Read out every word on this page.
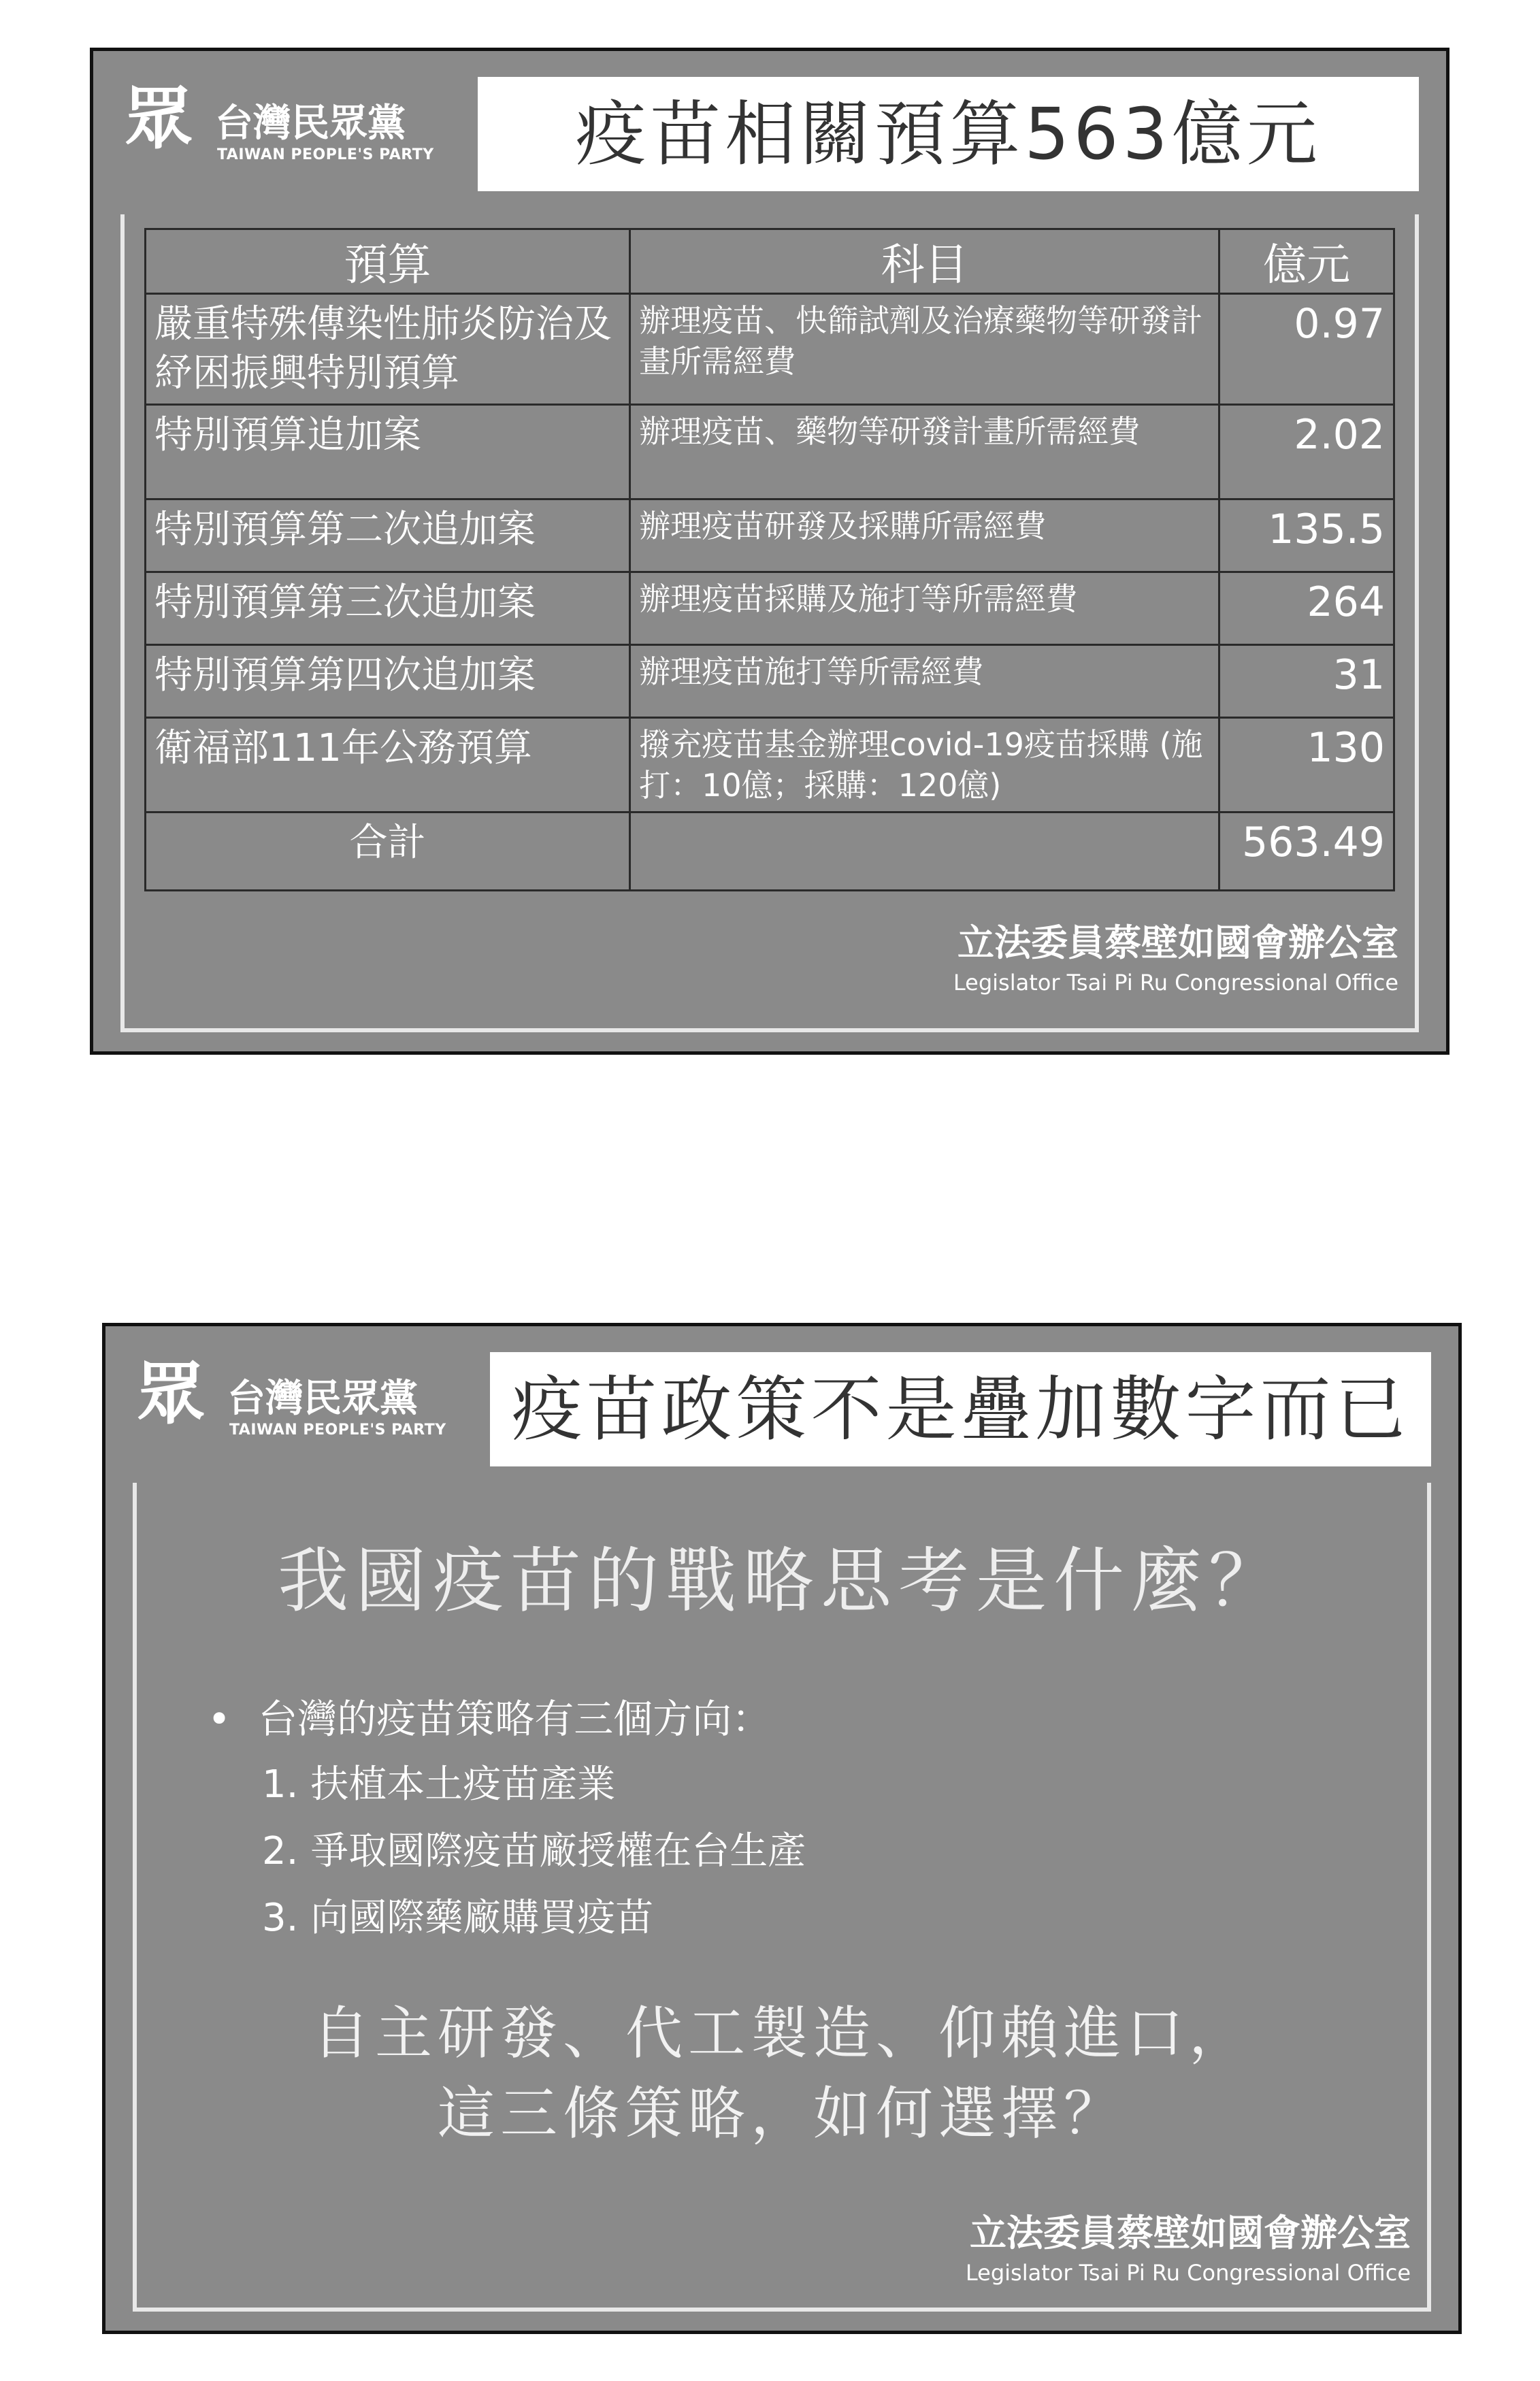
眾 台灣民眾黨
TAIWAN PEOPLE'S PARTY	疫苗相關預算563億元
預算	科目	億元
嚴重特殊傳染性肺炎防治及紓困振興特別預算	辦理疫苗、快篩試劑及治療藥物等研發計畫所需經費	0.97
特別預算追加案	辦理疫苗、藥物等研發計畫所需經費	2.02
特別預算第二次追加案	辦理疫苗研發及採購所需經費	135.5
特別預算第三次追加案	辦理疫苗採購及施打等所需經費	264
特別預算第四次追加案	辦理疫苗施打等所需經費	31
衛福部111年公務預算	撥充疫苗基金辦理covid-19疫苗採購 (施打：10億；採購：120億)	130
合計		563.49
立法委員蔡壁如國會辦公室
Legislator Tsai Pi Ru Congressional Office
眾 台灣民眾黨
TAIWAN PEOPLE'S PARTY 疫苗政策不是疊加數字而已
我國疫苗的戰略思考是什麼？
• 台灣的疫苗策略有三個方向：
1. 扶植本土疫苗產業
2. 爭取國際疫苗廠授權在台生產
3. 向國際藥廠購買疫苗
自主研發、代工製造、仰賴進口，
這三條策略，如何選擇？
立法委員蔡壁如國會辦公室
Legislator Tsai Pi Ru Congressional Office
